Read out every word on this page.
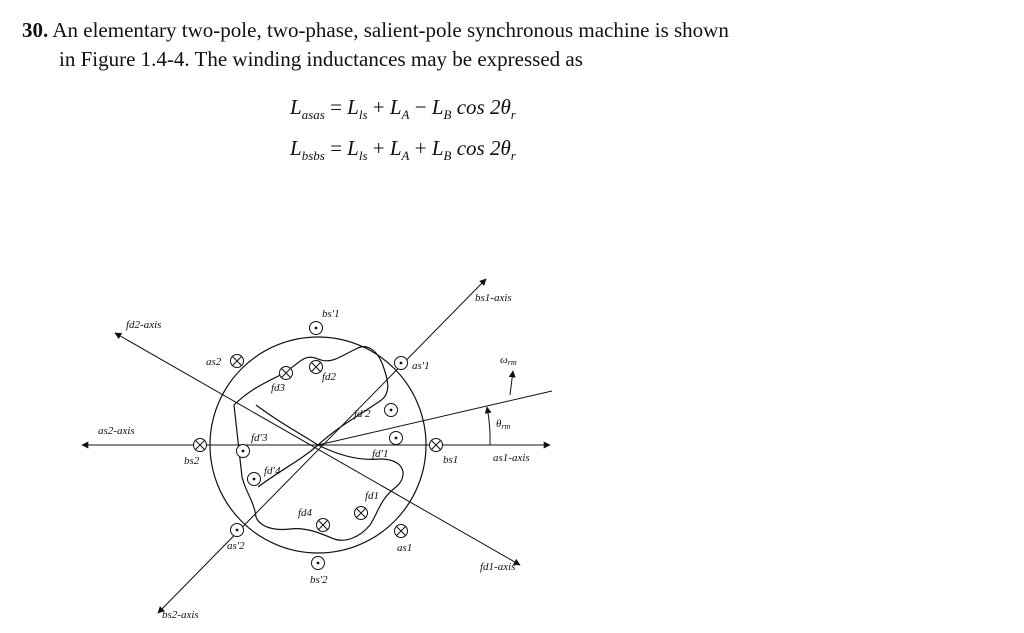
30. An elementary two-pole, two-phase, salient-pole synchronous machine is shown
in Figure 1.4-4. The winding inductances may be expressed as
$L_{asas} = L_{ls} + L_A - L_B$ $\cos 2\theta_r$
$L_{bsbs} = L_{ls} + L_A + L_B$ $\cos 2\theta_r$
bs1-axis
fd2-axis
as2-axis
as1-axis
fd1-axis
bs2-axis
bs′1
as2	as′1
fd2
fd3
fd′2
fd′3
bs2
fd′1	bs1
fd′4
fd1
fd4
as1
as′2
bs′2
ωrm
θrm
